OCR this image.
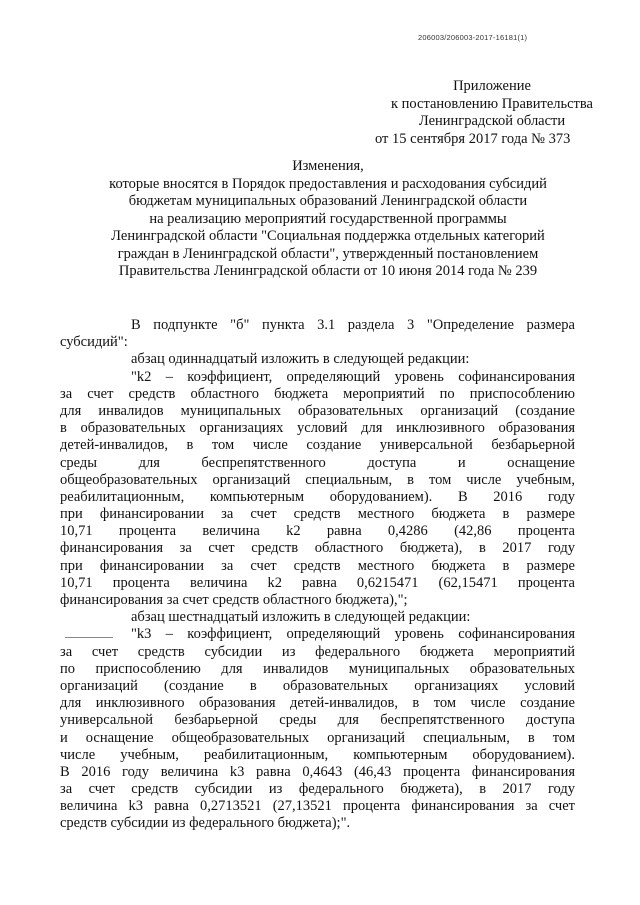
206003/206003-2017-16181(1)
Приложение
к постановлению Правительства
Ленинградской области
от 15 сентября 2017 года № 373
Изменения,
которые вносятся в Порядок предоставления и расходования субсидий
бюджетам муниципальных образований Ленинградской области
на реализацию мероприятий государственной программы
Ленинградской области "Социальная поддержка отдельных категорий
граждан в Ленинградской области", утвержденный постановлением
Правительства Ленинградской области от 10 июня 2014 года № 239
В подпункте "б" пункта 3.1 раздела 3 "Определение размера
субсидий":
абзац одиннадцатый изложить в следующей редакции:
"k2 – коэффициент, определяющий уровень софинансирования
за счет средств областного бюджета мероприятий по приспособлению
для инвалидов муниципальных образовательных организаций (создание
в образовательных организациях условий для инклюзивного образования
детей-инвалидов, в том числе создание универсальной безбарьерной
среды для беспрепятственного доступа и оснащение
общеобразовательных организаций специальным, в том числе учебным,
реабилитационным, компьютерным оборудованием). В 2016 году
при финансировании за счет средств местного бюджета в размере
10,71 процента величина k2 равна 0,4286 (42,86 процента
финансирования за счет средств областного бюджета), в 2017 году
при финансировании за счет средств местного бюджета в размере
10,71 процента величина k2 равна 0,6215471 (62,15471 процента
финансирования за счет средств областного бюджета),";
абзац шестнадцатый изложить в следующей редакции:
"k3 – коэффициент, определяющий уровень софинансирования
за счет средств субсидии из федерального бюджета мероприятий
по приспособлению для инвалидов муниципальных образовательных
организаций (создание в образовательных организациях условий
для инклюзивного образования детей-инвалидов, в том числе создание
универсальной безбарьерной среды для беспрепятственного доступа
и оснащение общеобразовательных организаций специальным, в том
числе учебным, реабилитационным, компьютерным оборудованием).
В 2016 году величина k3 равна 0,4643 (46,43 процента финансирования
за счет средств субсидии из федерального бюджета), в 2017 году
величина k3 равна 0,2713521 (27,13521 процента финансирования за счет
средств субсидии из федерального бюджета);".
